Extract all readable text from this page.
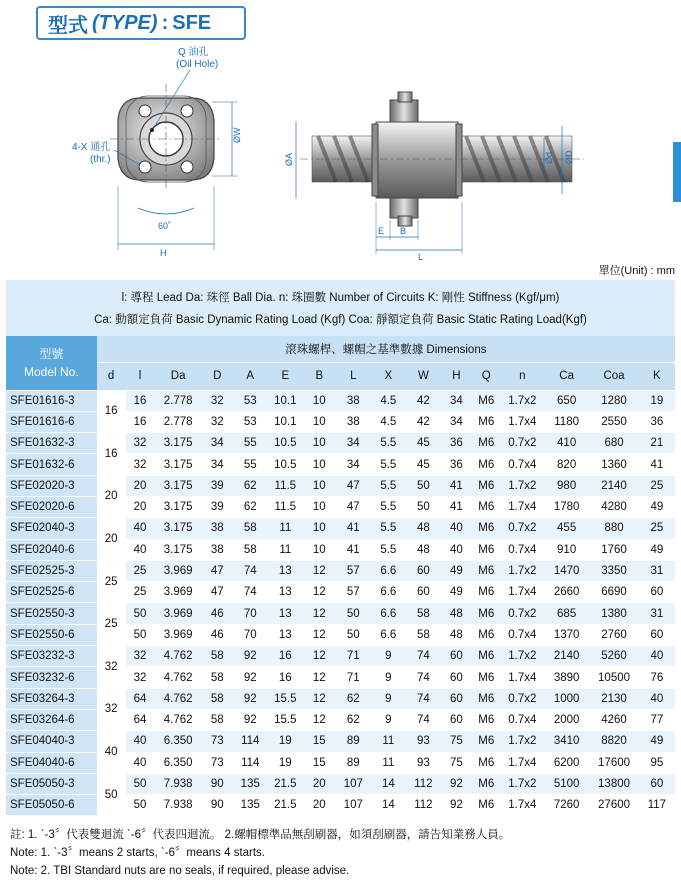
型式 (TYPE) : SFE
Q 油孔
(Oil Hole)
4-X 通孔
(thr.)
60˚
H
ØW
ØA	Ød ØD
E B
L
單位(Unit) : mm
l: 導程 Lead Da: 珠徑 Ball Dia. n: 珠圈數 Number of Circuits K: 剛性 Stiffness (Kgf/μm)
Ca: 動額定負荷 Basic Dynamic Rating Load (Kgf) Coa: 靜額定負荷 Basic Static Rating Load(Kgf)
型號
Model No.	滾珠螺桿、螺帽之基準數據 Dimensions															
	d	l	Da	D	A	E	B	L	X	W	H	Q	n	Ca	Coa	K
SFE01616-3	16	16	2.778	32	53	10.1	10	38	4.5	42	34	M6	1.7x2	650	1280	19
SFE01616-6		16	2.778	32	53	10.1	10	38	4.5	42	34	M6	1.7x4	1180	2550	36
SFE01632-3	16	32	3.175	34	55	10.5	10	34	5.5	45	36	M6	0.7x2	410	680	21
SFE01632-6		32	3.175	34	55	10.5	10	34	5.5	45	36	M6	0.7x4	820	1360	41
SFE02020-3	20	20	3.175	39	62	11.5	10	47	5.5	50	41	M6	1.7x2	980	2140	25
SFE02020-6		20	3.175	39	62	11.5	10	47	5.5	50	41	M6	1.7x4	1780	4280	49
SFE02040-3	20	40	3.175	38	58	11	10	41	5.5	48	40	M6	0.7x2	455	880	25
SFE02040-6		40	3.175	38	58	11	10	41	5.5	48	40	M6	0.7x4	910	1760	49
SFE02525-3	25	25	3.969	47	74	13	12	57	6.6	60	49	M6	1.7x2	1470	3350	31
SFE02525-6		25	3.969	47	74	13	12	57	6.6	60	49	M6	1.7x4	2660	6690	60
SFE02550-3	25	50	3.969	46	70	13	12	50	6.6	58	48	M6	0.7x2	685	1380	31
SFE02550-6		50	3.969	46	70	13	12	50	6.6	58	48	M6	0.7x4	1370	2760	60
SFE03232-3	32	32	4.762	58	92	16	12	71	9	74	60	M6	1.7x2	2140	5260	40
SFE03232-6		32	4.762	58	92	16	12	71	9	74	60	M6	1.7x4	3890	10500	76
SFE03264-3	32	64	4.762	58	92	15.5	12	62	9	74	60	M6	0.7x2	1000	2130	40
SFE03264-6		64	4.762	58	92	15.5	12	62	9	74	60	M6	0.7x4	2000	4260	77
SFE04040-3	40	40	6.350	73	114	19	15	89	11	93	75	M6	1.7x2	3410	8820	49
SFE04040-6		40	6.350	73	114	19	15	89	11	93	75	M6	1.7x4	6200	17600	95
SFE05050-3	50	50	7.938	90	135	21.5	20	107	14	112	92	M6	1.7x2	5100	13800	60
SFE05050-6		50	7.938	90	135	21.5	20	107	14	112	92	M6	1.7x4	7260	27600	117
註: 1. ˋ-3〞代表雙迴流 ˋ-6〞代表四迴流。 2.螺帽標準品無刮刷器，如須刮刷器，請告知業務人員。
Note: 1. ˋ-3〞means 2 starts, ˋ-6〞means 4 starts.
Note: 2. TBI Standard nuts are no seals, if required, please advise.
